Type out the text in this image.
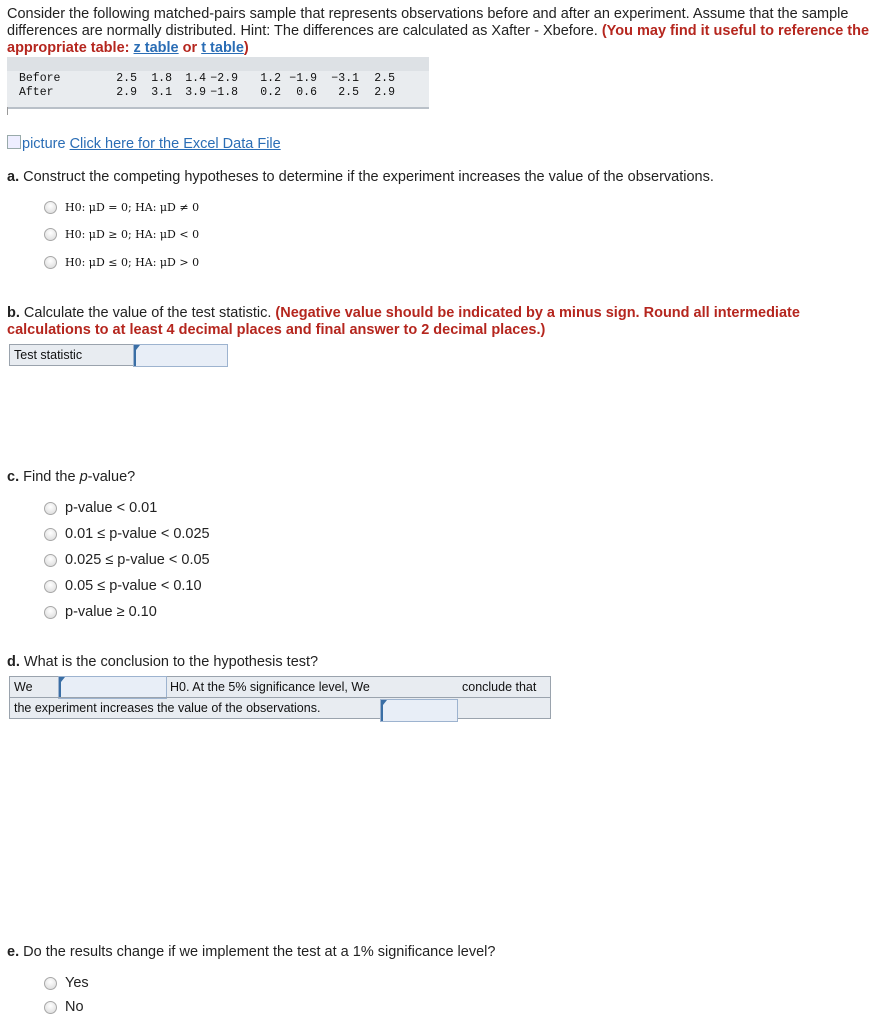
Consider the following matched-pairs sample that represents observations before and after an experiment. Assume that the sample differences are normally distributed. Hint: The differences are calculated as Xafter - Xbefore. (You may find it useful to reference the appropriate table: z table or t table)
Before	2.5	1.8	1.4	−2.9	1.2	−1.9	−3.1	2.5
After	2.9	3.1	3.9	−1.8	0.2	0.6	2.5	2.9
picture Click here for the Excel Data File
a. Construct the competing hypotheses to determine if the experiment increases the value of the observations.
H0: μD = 0; HA: μD ≠ 0
H0: μD ≥ 0; HA: μD < 0
H0: μD ≤ 0; HA: μD > 0
b. Calculate the value of the test statistic. (Negative value should be indicated by a minus sign. Round all intermediate calculations to at least 4 decimal places and final answer to 2 decimal places.)
Test statistic
c. Find the p-value?
p-value < 0.01
0.01 ≤ p-value < 0.025
0.025 ≤ p-value < 0.05
0.05 ≤ p-value < 0.10
p-value ≥ 0.10
d. What is the conclusion to the hypothesis test?
We	H0. At the 5% significance level, We	conclude that
the experiment increases the value of the observations.
e. Do the results change if we implement the test at a 1% significance level?
Yes
No
